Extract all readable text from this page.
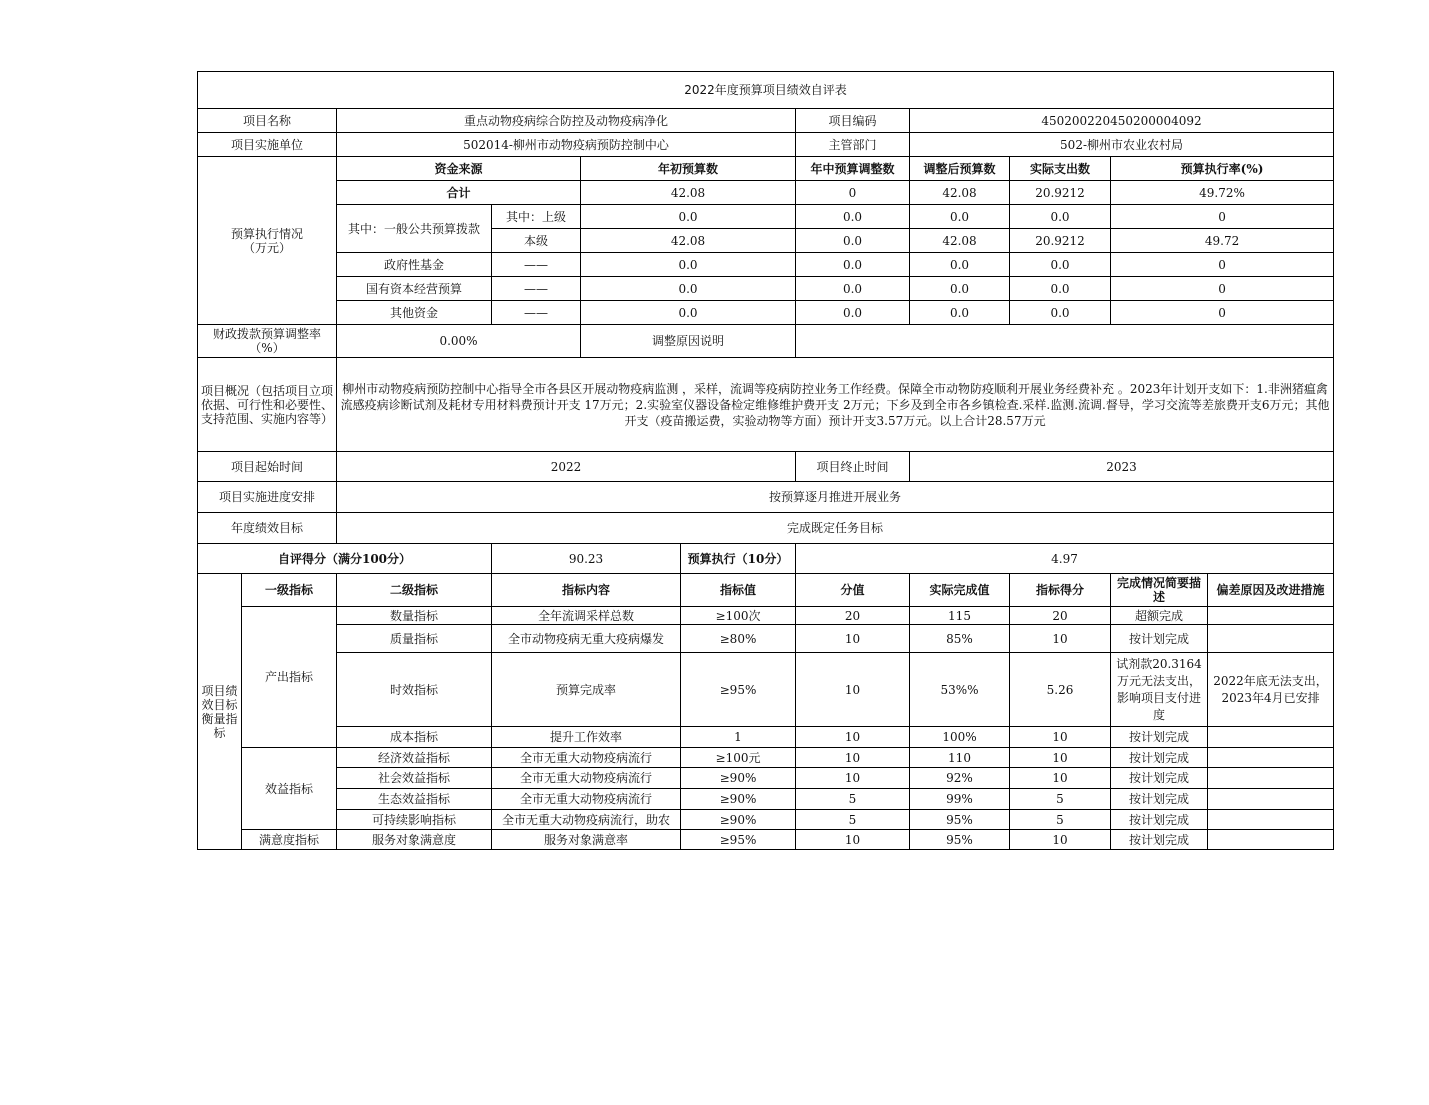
2022年度预算项目绩效自评表										
项目名称		重点动物疫病综合防控及动物疫病净化				项目编码	450200220450200004092			
项目实施单位		502014-柳州市动物疫病预防控制中心				主管部门	502-柳州市农业农村局			

预算执行情况
（万元）		资金来源		年初预算数		年中预算调整数	调整后预算数	实际支出数	预算执行率(%)	
		合计		42.08		0	42.08	20.9212	49.72%	
		其中：一般公共预算拨款	其中：上级	0.0		0.0	0.0	0.0	0	
			本级	42.08		0.0	42.08	20.9212	49.72	
		政府性基金	——	0.0		0.0	0.0	0.0	0	
		国有资本经营预算	——	0.0		0.0	0.0	0.0	0	
		其他资金	——	0.0		0.0	0.0	0.0	0	
财政拨款预算调整率（%）		0.00%		调整原因说明						
项目概况（包括项目立项依据、可行性和必要性、支持范围、实施内容等）		柳州市动物疫病预防控制中心指导全市各县区开展动物疫病监测 ，采样，流调等疫病防控业务工作经费。保障全市动物防疫顺利开展业务经费补充 。2023年计划开支如下：1.非洲猪瘟禽流感疫病诊断试剂及耗材专用材料费预计开支 17万元；2.实验室仪器设备检定维修维护费开支 2万元；下乡及到全市各乡镇检查.采样.监测.流调.督导，学习交流等差旅费开支6万元；其他开支（疫苗搬运费，实验动物等方面）预计开支3.57万元。以上合计28.57万元								
项目起始时间		2022				项目终止时间	2023			
项目实施进度安排		按预算逐月推进开展业务								
年度绩效目标		完成既定任务目标								
自评得分（满分100分）			90.23		预算执行（10分）	4.97				
项目绩效目标衡量指标	一级指标	二级指标	指标内容		指标值	分值	实际完成值	指标得分	完成情况简要描述	偏差原因及改进措施
	产出指标	数量指标	全年流调采样总数		≥100次	20	115	20	超额完成	
		质量指标	全市动物疫病无重大疫病爆发		≥80%	10	85%	10	按计划完成	
		时效指标	预算完成率		≥95%	10	53%%	5.26	试剂款20.3164万元无法支出，影响项目支付进度	2022年底无法支出，2023年4月已安排
		成本指标	提升工作效率		1	10	100%	10	按计划完成	
	效益指标	经济效益指标	全市无重大动物疫病流行		≥100元	10	110	10	按计划完成	
		社会效益指标	全市无重大动物疫病流行		≥90%	10	92%	10	按计划完成	
		生态效益指标	全市无重大动物疫病流行		≥90%	5	99%	5	按计划完成	
		可持续影响指标	全市无重大动物疫病流行，助农		≥90%	5	95%	5	按计划完成	
	满意度指标	服务对象满意度	服务对象满意率		≥95%	10	95%	10	按计划完成	
